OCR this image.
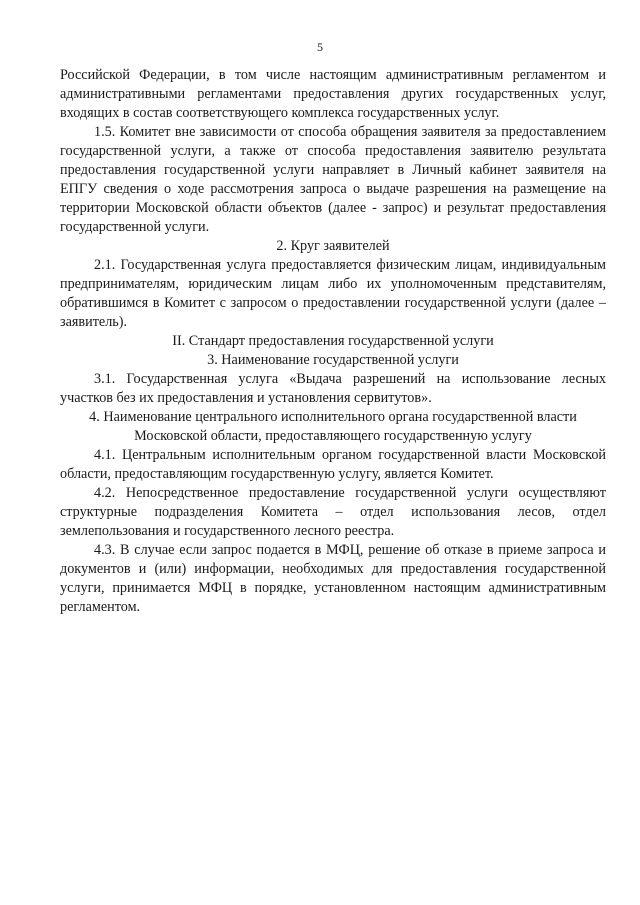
5

Российской Федерации, в том числе настоящим административным регламентом и административными регламентами предоставления других государственных услуг, входящих в состав соответствующего комплекса государственных услуг.

1.5. Комитет вне зависимости от способа обращения заявителя за предоставлением государственной услуги, а также от способа предоставления заявителю результата предоставления государственной услуги направляет в Личный кабинет заявителя на ЕПГУ сведения о ходе рассмотрения запроса о выдаче разрешения на размещение на территории Московской области объектов (далее - запрос) и результат предоставления государственной услуги.

2. Круг заявителей

2.1. Государственная услуга предоставляется физическим лицам, индивидуальным предпринимателям, юридическим лицам либо их уполномоченным представителям, обратившимся в Комитет с запросом о предоставлении государственной услуги (далее – заявитель).

II. Стандарт предоставления государственной услуги

3. Наименование государственной услуги

3.1. Государственная услуга «Выдача разрешений на использование лесных участков без их предоставления и установления сервитутов».

4. Наименование центрального исполнительного органа государственной власти Московской области, предоставляющего государственную услугу

4.1. Центральным исполнительным органом государственной власти Московской области, предоставляющим государственную услугу, является Комитет.

4.2. Непосредственное предоставление государственной услуги осуществляют структурные подразделения Комитета – отдел использования лесов, отдел землепользования и государственного лесного реестра.

4.3. В случае если запрос подается в МФЦ, решение об отказе в приеме запроса и документов и (или) информации, необходимых для предоставления государственной услуги, принимается МФЦ в порядке, установленном настоящим административным регламентом.
